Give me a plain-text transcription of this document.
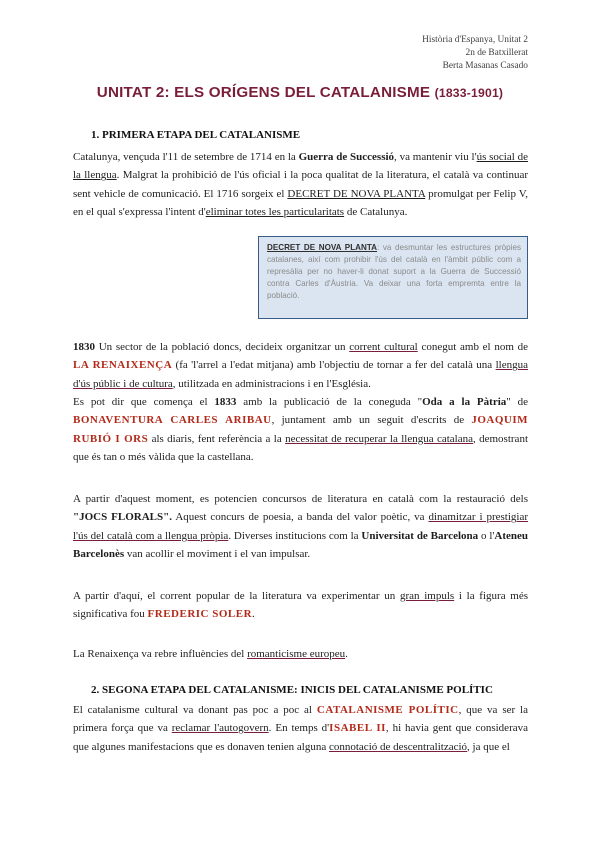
Història d'Espanya, Unitat 2
2n de Batxillerat
Berta Masanas Casado
UNITAT 2: ELS ORÍGENS DEL CATALANISME (1833-1901)
1. PRIMERA ETAPA DEL CATALANISME

Catalunya, vençuda l'11 de setembre de 1714 en la Guerra de Successió, va mantenir viu l'ús social de la llengua. Malgrat la prohibició de l'ús oficial i la poca qualitat de la literatura, el català va continuar sent vehicle de comunicació. El 1716 sorgeix el DECRET DE NOVA PLANTA promulgat per Felip V, en el qual s'expressa l'intent d'eliminar totes les particularitats de Catalunya.

DECRET DE NOVA PLANTA: va desmuntar les estructures pròpies catalanes, així com prohibir l'ús del català en l'àmbit públic com a represàlia per no haver-li donat suport a la Guerra de Successió contra Carles d'Àustria. Va deixar una forta empremta entre la població.

1830 Un sector de la població doncs, decideix organitzar un corrent cultural conegut amb el nom de LA RENAIXENÇA (fa 'l'arrel a l'edat mitjana) amb l'objectiu de tornar a fer del català una llengua d'ús públic i de cultura, utilitzada en administracions i en l'Església.

Es pot dir que comença el 1833 amb la publicació de la coneguda "Oda a la Pàtria" de BONAVENTURA CARLES ARIBAU, juntament amb un seguit d'escrits de JOAQUIM RUBIÓ I ORS als diaris, fent referència a la necessitat de recuperar la llengua catalana, demostrant que és tan o més vàlida que la castellana.

A partir d'aquest moment, es potencien concursos de literatura en català com la restauració dels "JOCS FLORALS". Aquest concurs de poesia, a banda del valor poètic, va dinamitzar i prestigiar l'ús del català com a llengua pròpia. Diverses institucions com la Universitat de Barcelona o l'Ateneu Barcelonès van acollir el moviment i el van impulsar.

A partir d'aquí, el corrent popular de la literatura va experimentar un gran impuls i la figura més significativa fou FREDERIC SOLER.

La Renaixença va rebre influències del romanticisme europeu.

2. SEGONA ETAPA DEL CATALANISME: INICIS DEL CATALANISME POLÍTIC

El catalanisme cultural va donant pas poc a poc al CATALANISME POLÍTIC, que va ser la primera força que va reclamar l'autogovern. En temps d'ISABEL II, hi havia gent que considerava que algunes manifestacions que es donaven tenien alguna connotació de descentralització, ja que el
